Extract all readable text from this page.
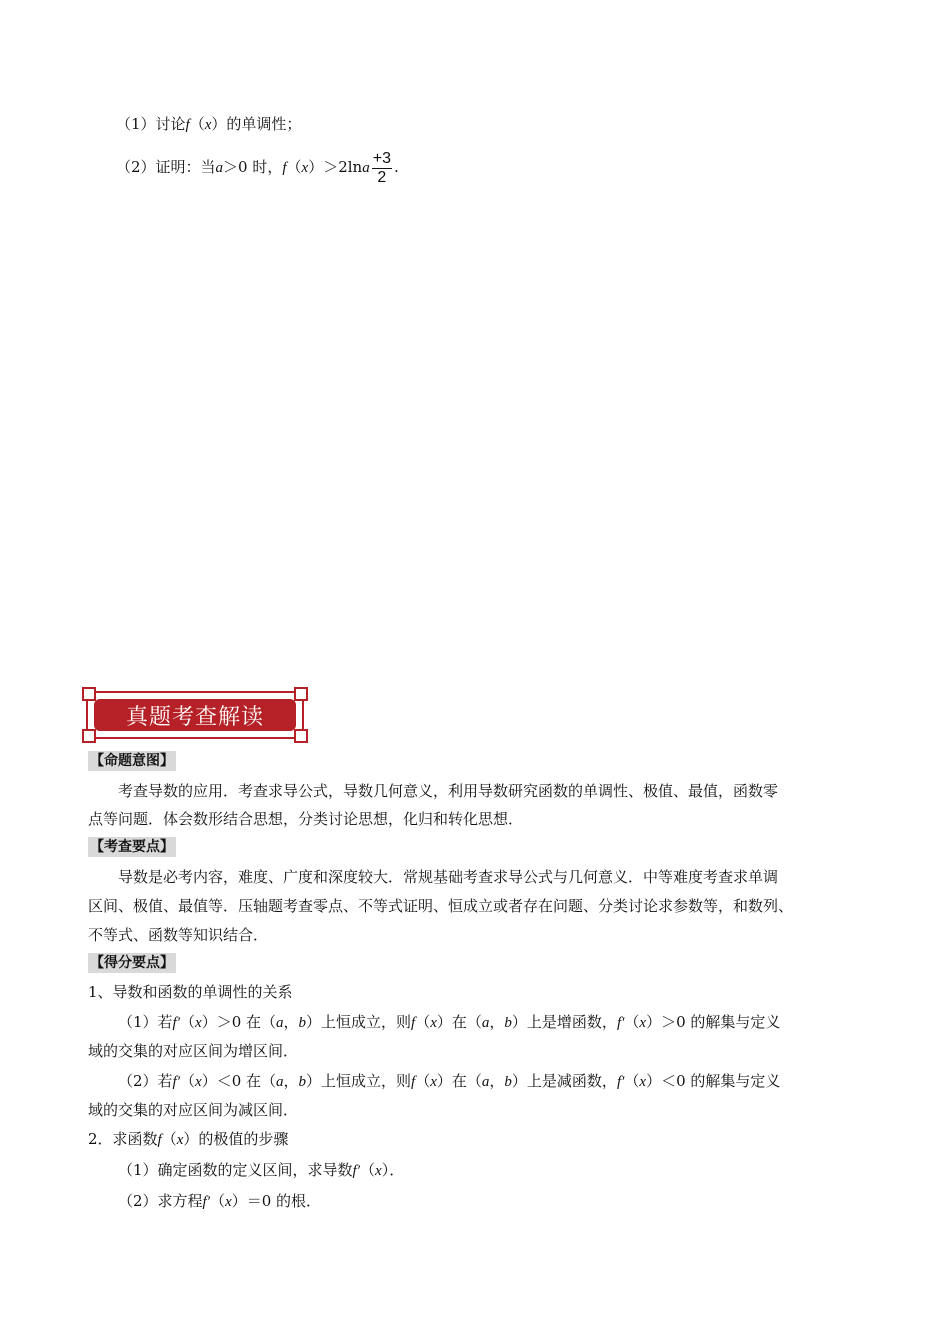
（1）讨论f（x）的单调性；
（2）证明：当a＞0 时，$f(x)>2\ln a \frac{+3}{2}$ .
真题考查解读
【命题意图】
考查导数的应用．考查求导公式，导数几何意义，利用导数研究函数的单调性、极值、最值，函数零
点等问题．体会数形结合思想，分类讨论思想，化归和转化思想．
【考查要点】
导数是必考内容，难度、广度和深度较大．常规基础考查求导公式与几何意义．中等难度考查求单调
区间、极值、最值等．压轴题考查零点、不等式证明、恒成立或者存在问题、分类讨论求参数等，和数列、
不等式、函数等知识结合．
【得分要点】
1、导数和函数的单调性的关系
（1）若f′（x）＞0 在（a，b）上恒成立，则f（x）在（a，b）上是增函数，f′（x）＞0 的解集与定义
域的交集的对应区间为增区间．
（2）若f′（x）＜0 在（a，b）上恒成立，则f（x）在（a，b）上是减函数，f′（x）＜0 的解集与定义
域的交集的对应区间为减区间．
2．求函数f（x）的极值的步骤
（1）确定函数的定义区间，求导数f′（x）．
（2）求方程f′（x）＝0 的根．
